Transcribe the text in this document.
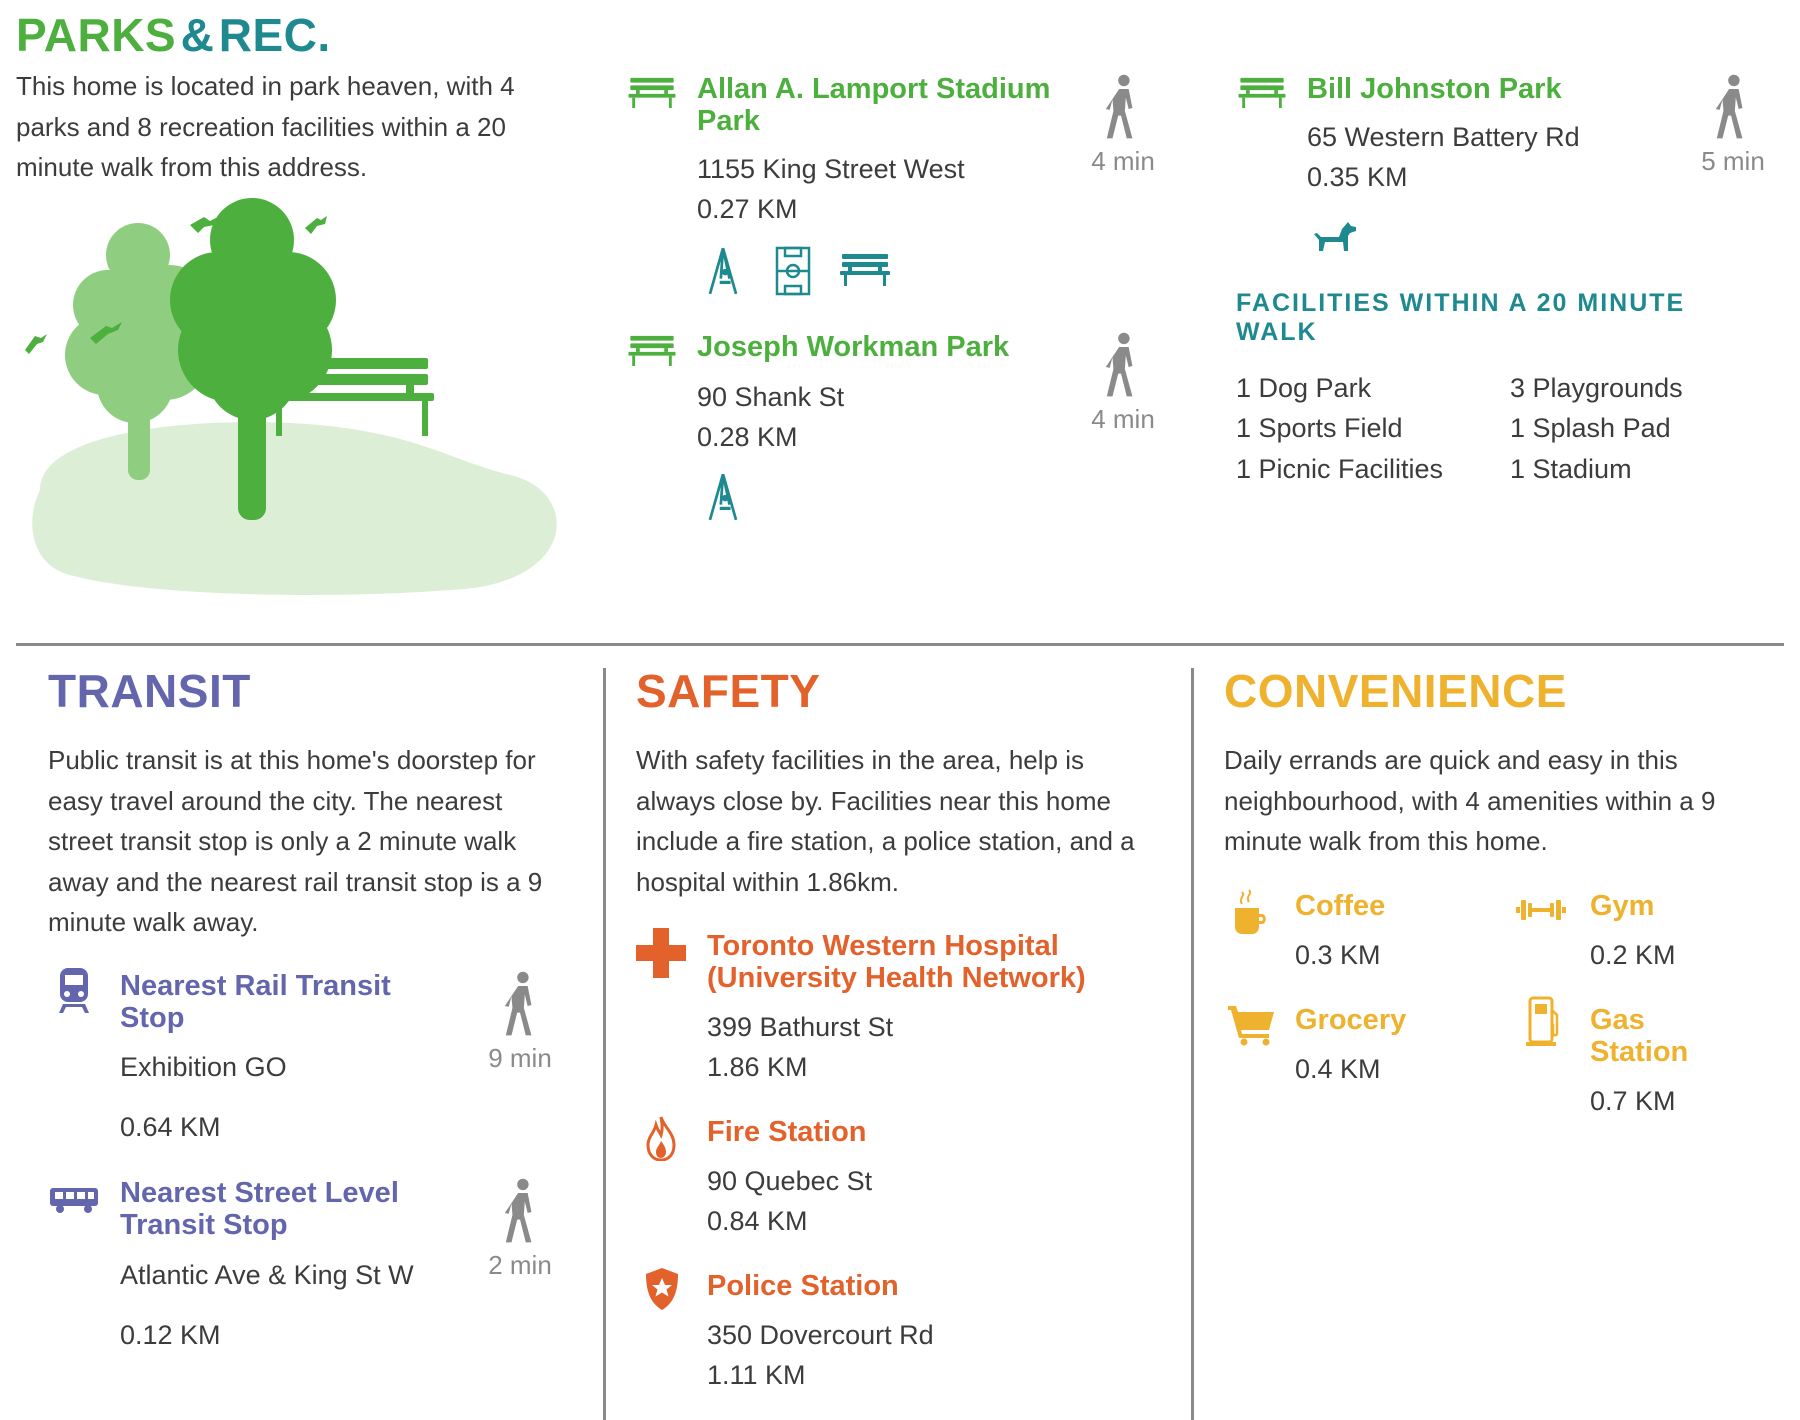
PARKS & REC.
This home is located in park heaven, with 4 parks and 8 recreation facilities within a 20 minute walk from this address.
Allan A. Lamport Stadium Park
1155 King Street West
0.27 KM
4 min
Joseph Workman Park
90 Shank St
0.28 KM
4 min
Bill Johnston Park
65 Western Battery Rd
0.35 KM
5 min
FACILITIES WITHIN A 20 MINUTE WALK
1 Dog Park
1 Sports Field
1 Picnic Facilities
3 Playgrounds
1 Splash Pad
1 Stadium
TRANSIT
Public transit is at this home's doorstep for easy travel around the city. The nearest street transit stop is only a 2 minute walk away and the nearest rail transit stop is a 9 minute walk away.
Nearest Rail Transit Stop
Exhibition GO
0.64 KM
9 min
Nearest Street Level Transit Stop
Atlantic Ave & King St W
0.12 KM
2 min
SAFETY
With safety facilities in the area, help is always close by. Facilities near this home include a fire station, a police station, and a hospital within 1.86km.
Toronto Western Hospital (University Health Network)
399 Bathurst St
1.86 KM
Fire Station
90 Quebec St
0.84 KM
Police Station
350 Dovercourt Rd
1.11 KM
CONVENIENCE
Daily errands are quick and easy in this neighbourhood, with 4 amenities within a 9 minute walk from this home.
Coffee
0.3 KM
Gym
0.2 KM
Grocery
0.4 KM
Gas Station
0.7 KM
